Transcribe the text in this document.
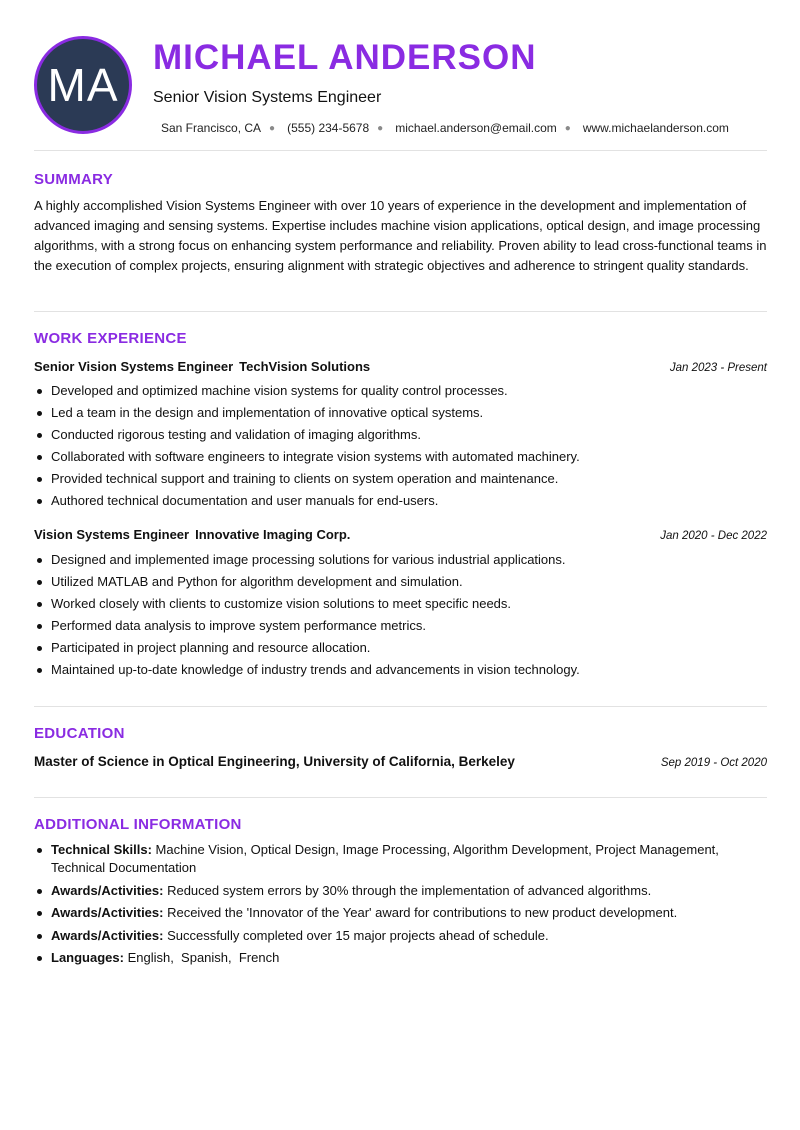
MA
MICHAEL ANDERSON
Senior Vision Systems Engineer
San Francisco, CA ● (555) 234-5678 ● michael.anderson@email.com ● www.michaelanderson.com
SUMMARY
A highly accomplished Vision Systems Engineer with over 10 years of experience in the development and implementation of advanced imaging and sensing systems. Expertise includes machine vision applications, optical design, and image processing algorithms, with a strong focus on enhancing system performance and reliability. Proven ability to lead cross-functional teams in the execution of complex projects, ensuring alignment with strategic objectives and adherence to stringent quality standards.
WORK EXPERIENCE
Senior Vision Systems Engineer TechVision Solutions	Jan 2023 - Present
Developed and optimized machine vision systems for quality control processes.
Led a team in the design and implementation of innovative optical systems.
Conducted rigorous testing and validation of imaging algorithms.
Collaborated with software engineers to integrate vision systems with automated machinery.
Provided technical support and training to clients on system operation and maintenance.
Authored technical documentation and user manuals for end-users.
Vision Systems Engineer Innovative Imaging Corp.	Jan 2020 - Dec 2022
Designed and implemented image processing solutions for various industrial applications.
Utilized MATLAB and Python for algorithm development and simulation.
Worked closely with clients to customize vision solutions to meet specific needs.
Performed data analysis to improve system performance metrics.
Participated in project planning and resource allocation.
Maintained up-to-date knowledge of industry trends and advancements in vision technology.
EDUCATION
Master of Science in Optical Engineering, University of California, Berkeley	Sep 2019 - Oct 2020
ADDITIONAL INFORMATION
Technical Skills: Machine Vision, Optical Design, Image Processing, Algorithm Development, Project Management, Technical Documentation
Awards/Activities: Reduced system errors by 30% through the implementation of advanced algorithms.
Awards/Activities: Received the 'Innovator of the Year' award for contributions to new product development.
Awards/Activities: Successfully completed over 15 major projects ahead of schedule.
Languages: English,  Spanish,  French
